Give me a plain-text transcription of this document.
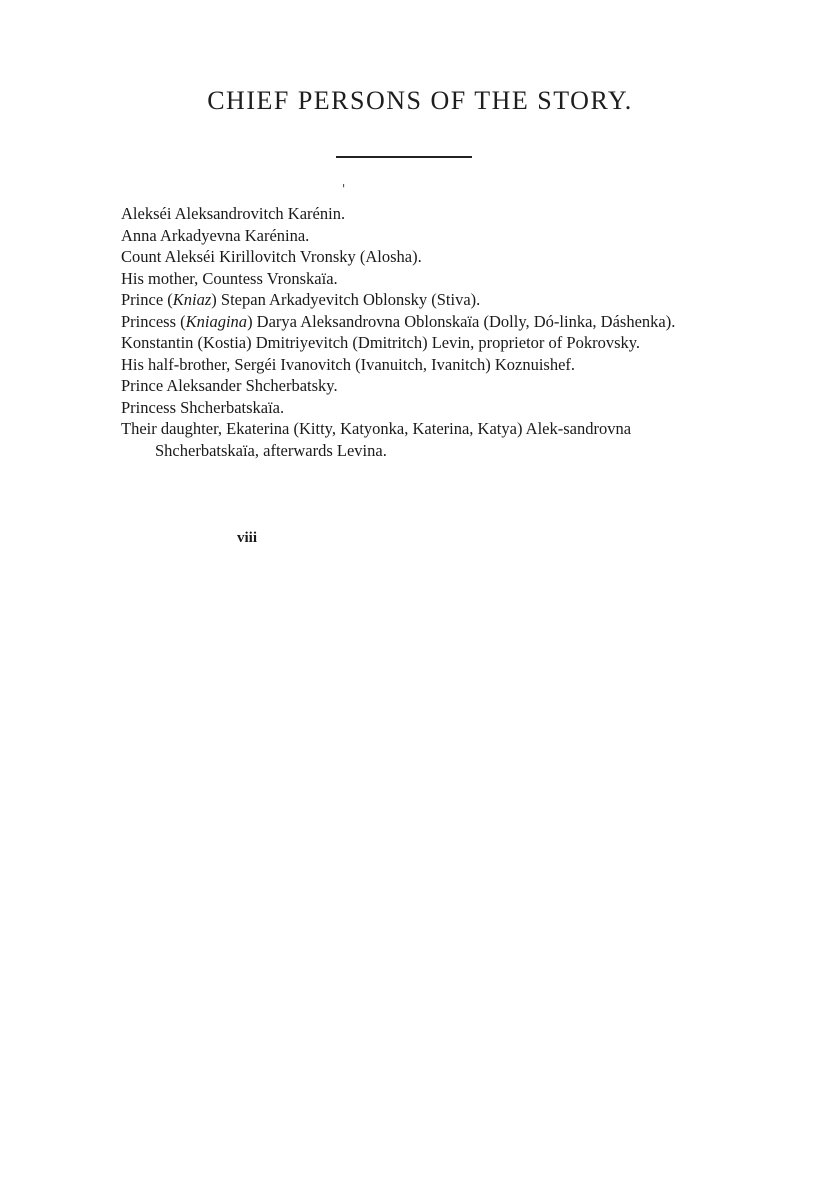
CHIEF PERSONS OF THE STORY.
'
Alekséi Aleksandrovitch Karénin.
Anna Arkadyevna Karénina.
Count Alekséi Kirillovitch Vronsky (Alosha).
His mother, Countess Vronskaïa.
Prince (Kniaz) Stepan Arkadyevitch Oblonsky (Stiva).
Princess (Kniagina) Darya Aleksandrovna Oblonskaïa (Dolly, Dó-linka, Dáshenka).
Konstantin (Kostia) Dmitriyevitch (Dmitritch) Levin, proprietor of Pokrovsky.
His half-brother, Sergéi Ivanovitch (Ivanuitch, Ivanitch) Koznuishef.
Prince Aleksander Shcherbatsky.
Princess Shcherbatskaïa.
Their daughter, Ekaterina (Kitty, Katyonka, Katerina, Katya) Alek-sandrovna Shcherbatskaïa, afterwards Levina.
viii
